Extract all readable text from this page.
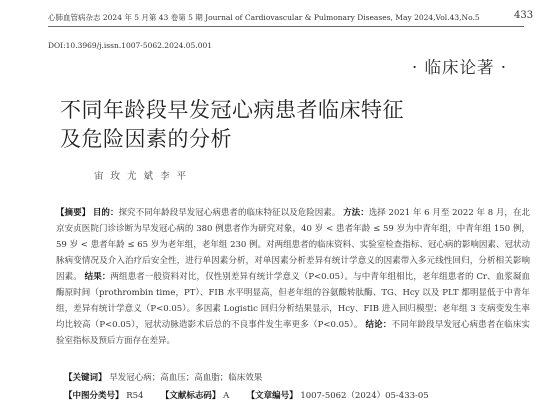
心肺血管病杂志 2024 年 5 月第 43 卷第 5 期 Journal of Cardiovascular & Pulmonary Diseases, May 2024,Vol.43,No.5	433
DOI:10.3969/j.issn.1007-5062.2024.05.001
· 临床论著 ·
不同年龄段早发冠心病患者临床特征
及危险因素的分析
宙 玫 尤 斌 李 平
【摘要】 目的：探究不同年龄段早发冠心病患者的临床特征以及危险因素。 方法：选择 2021 年 6 月至 2022 年 8 月，在北京安贞医院门诊诊断为早发冠心病的 380 例患者作为研究对象，40 岁 < 患者年龄 ≤ 59 岁为中青年组，中青年组 150 例，59 岁 < 患者年龄 ≤ 65 岁为老年组，老年组 230 例。对两组患者的临床资料、实验室检查指标、冠心病的影响因素、冠状动脉病变情况及介入治疗后安全性，进行单因素分析，对单因素分析差异有统计学意义的因素带入多元线性回归，分析相关影响因素。 结果：两组患者一般资料对比，仅性别差异有统计学意义（P<0.05）。与中青年组相比，老年组患者的 Cr、血浆凝血酶原时间（prothrombin time，PT）、FIB 水平明显高，但老年组的谷氨酸转肽酶、TG、Hcy 以及 PLT 都明显低于中青年组，差异有统计学意义（P<0.05）。多因素 Logistic 回归分析结果显示，Hcy、FIB 进入回归模型；老年组 3 支病变发生率均比较高（P<0.05），冠状动脉造影术后总的不良事件发生率更多（P<0.05）。 结论：不同年龄段早发冠心病患者在临床实验室指标及预后方面存在差异。
【关键词】 早发冠心病；高血压；高血脂；临床效果
【中图分类号】 R54 【文献标志码】 A 【文章编号】 1007-5062（2024）05-433-05
